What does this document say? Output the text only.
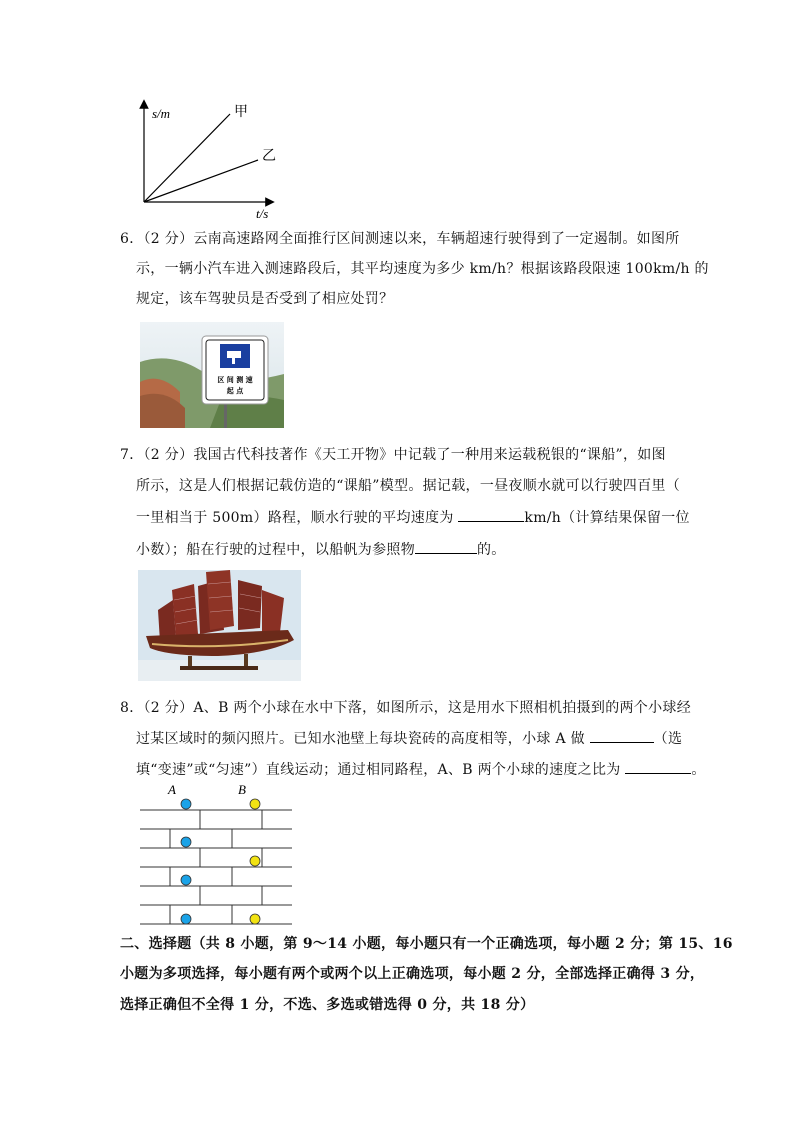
s/m
t/s
甲
乙
6．（2 分）云南高速路网全面推行区间测速以来，车辆超速行驶得到了一定遏制。如图所
示，一辆小汽车进入测速路段后，其平均速度为多少 km/h？根据该路段限速 100km/h 的
规定，该车驾驶员是否受到了相应处罚？
区 间 测 速
起 点
7．（2 分）我国古代科技著作《天工开物》中记载了一种用来运载税银的“课船”，如图
所示，这是人们根据记载仿造的“课船”模型。据记载，一昼夜顺水就可以行驶四百里（
一里相当于 500m）路程，顺水行驶的平均速度为	km/h（计算结果保留一位
小数）；船在行驶的过程中，以船帆为参照物	的。
8．（2 分）A、B 两个小球在水中下落，如图所示，这是用水下照相机拍摄到的两个小球经
过某区域时的频闪照片。已知水池壁上每块瓷砖的高度相等，小球 A 做	（选
填“变速”或“匀速”）直线运动；通过相同路程，A、B 两个小球的速度之比为	。
A	B
二、选择题（共 8 小题，第 9～14 小题，每小题只有一个正确选项，每小题 2 分；第 15、16
小题为多项选择，每小题有两个或两个以上正确选项，每小题 2 分，全部选择正确得 3 分，
选择正确但不全得 1 分，不选、多选或错选得 0 分，共 18 分）
